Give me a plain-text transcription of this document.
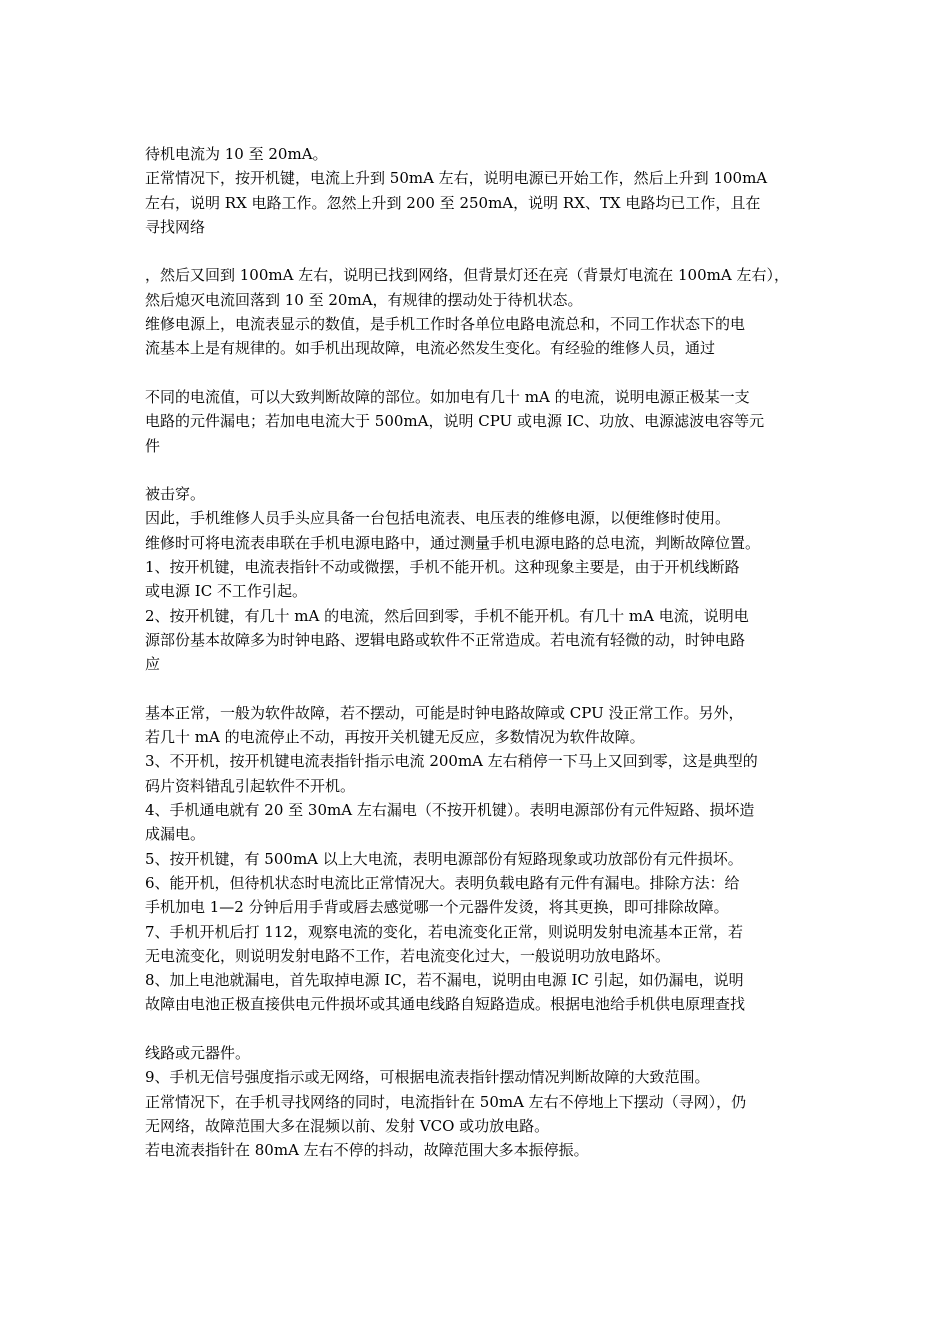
待机电流为 10 至 20mA。
正常情况下，按开机键，电流上升到 50mA 左右，说明电源已开始工作，然后上升到 100mA
左右，说明 RX 电路工作。忽然上升到 200 至 250mA，说明 RX、TX 电路均已工作，且在
寻找网络
，然后又回到 100mA 左右，说明已找到网络，但背景灯还在亮（背景灯电流在 100mA 左右），
然后熄灭电流回落到 10 至 20mA，有规律的摆动处于待机状态。
维修电源上，电流表显示的数值，是手机工作时各单位电路电流总和，不同工作状态下的电
流基本上是有规律的。如手机出现故障，电流必然发生变化。有经验的维修人员，通过
不同的电流值，可以大致判断故障的部位。如加电有几十 mA 的电流，说明电源正极某一支
电路的元件漏电；若加电电流大于 500mA，说明 CPU 或电源 IC、功放、电源滤波电容等元
件
被击穿。
因此，手机维修人员手头应具备一台包括电流表、电压表的维修电源，以便维修时使用。
维修时可将电流表串联在手机电源电路中，通过测量手机电源电路的总电流，判断故障位置。
1、按开机键，电流表指针不动或微摆，手机不能开机。这种现象主要是，由于开机线断路
或电源 IC 不工作引起。
2、按开机键，有几十 mA 的电流，然后回到零，手机不能开机。有几十 mA 电流，说明电
源部份基本故障多为时钟电路、逻辑电路或软件不正常造成。若电流有轻微的动，时钟电路
应
基本正常，一般为软件故障，若不摆动，可能是时钟电路故障或 CPU 没正常工作。另外，
若几十 mA 的电流停止不动，再按开关机键无反应，多数情况为软件故障。
3、不开机，按开机键电流表指针指示电流 200mA 左右稍停一下马上又回到零，这是典型的
码片资料错乱引起软件不开机。
4、手机通电就有 20 至 30mA 左右漏电（不按开机键）。表明电源部份有元件短路、损坏造
成漏电。
5、按开机键，有 500mA 以上大电流，表明电源部份有短路现象或功放部份有元件损坏。
6、能开机，但待机状态时电流比正常情况大。表明负载电路有元件有漏电。排除方法：给
手机加电 1—2 分钟后用手背或唇去感觉哪一个元器件发烫，将其更换，即可排除故障。
7、手机开机后打 112，观察电流的变化，若电流变化正常，则说明发射电流基本正常，若
无电流变化，则说明发射电路不工作，若电流变化过大，一般说明功放电路坏。
8、加上电池就漏电，首先取掉电源 IC，若不漏电，说明由电源 IC 引起，如仍漏电，说明
故障由电池正极直接供电元件损坏或其通电线路自短路造成。根据电池给手机供电原理查找
线路或元器件。
9、手机无信号强度指示或无网络，可根据电流表指针摆动情况判断故障的大致范围。
正常情况下，在手机寻找网络的同时，电流指针在 50mA 左右不停地上下摆动（寻网），仍
无网络，故障范围大多在混频以前、发射 VCO 或功放电路。
若电流表指针在 80mA 左右不停的抖动，故障范围大多本振停振。
